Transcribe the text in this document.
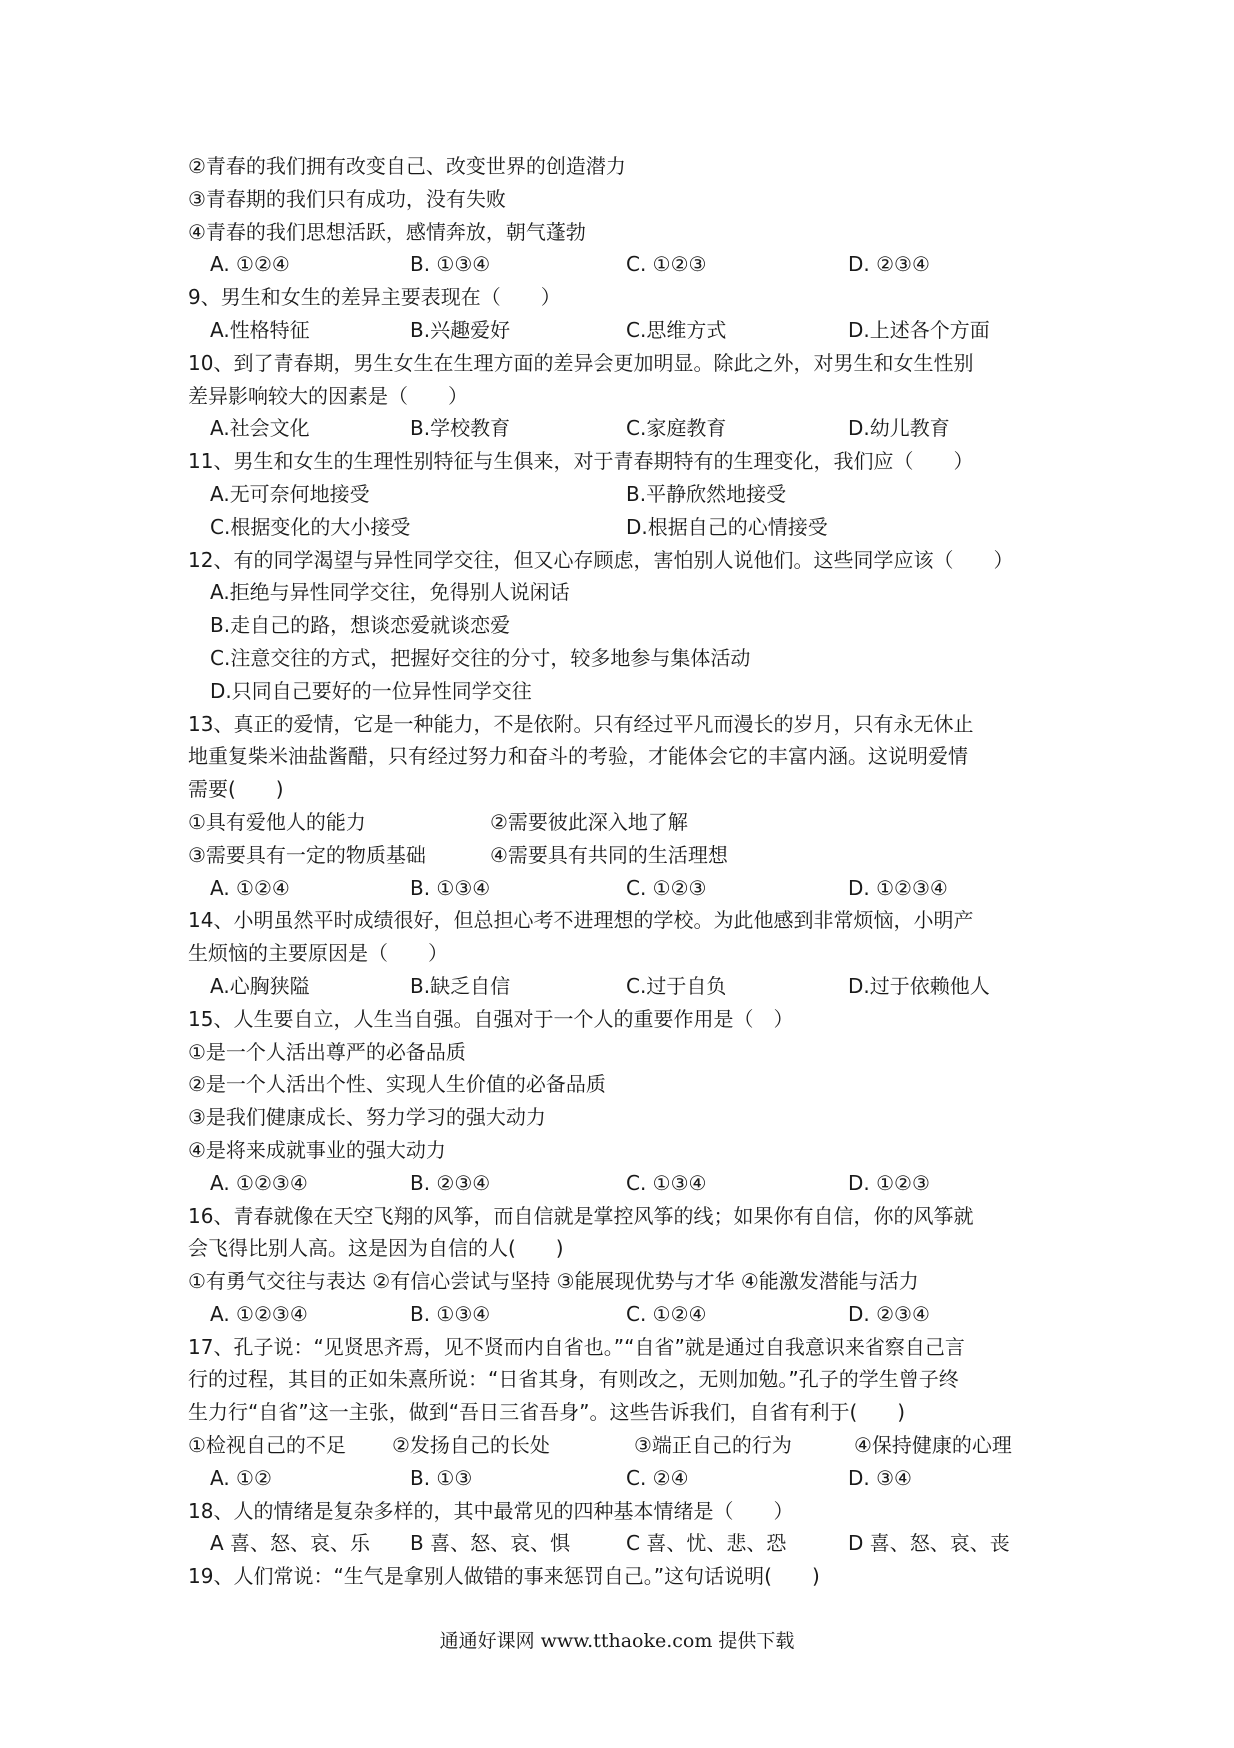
②青春的我们拥有改变自己、改变世界的创造潜力
③青春期的我们只有成功，没有失败
④青春的我们思想活跃，感情奔放，朝气蓬勃
A. ①②④	B. ①③④	C. ①②③	D. ②③④
9、男生和女生的差异主要表现在（　　）
A.性格特征	B.兴趣爱好	C.思维方式	D.上述各个方面
10、到了青春期，男生女生在生理方面的差异会更加明显。除此之外，对男生和女生性别
差异影响较大的因素是（　　）
A.社会文化	B.学校教育	C.家庭教育	D.幼儿教育
11、男生和女生的生理性别特征与生俱来，对于青春期特有的生理变化，我们应（　　）
A.无可奈何地接受	B.平静欣然地接受
C.根据变化的大小接受	D.根据自己的心情接受
12、有的同学渴望与异性同学交往，但又心存顾虑，害怕别人说他们。这些同学应该（　　）
A.拒绝与异性同学交往，免得别人说闲话
B.走自己的路，想谈恋爱就谈恋爱
C.注意交往的方式，把握好交往的分寸，较多地参与集体活动
D.只同自己要好的一位异性同学交往
13、真正的爱情，它是一种能力，不是依附。只有经过平凡而漫长的岁月，只有永无休止
地重复柴米油盐酱醋，只有经过努力和奋斗的考验，才能体会它的丰富内涵。这说明爱情
需要(　　)
①具有爱他人的能力	②需要彼此深入地了解
③需要具有一定的物质基础	④需要具有共同的生活理想
A. ①②④	B. ①③④	C. ①②③	D. ①②③④
14、小明虽然平时成绩很好，但总担心考不进理想的学校。为此他感到非常烦恼，小明产
生烦恼的主要原因是（　　）
A.心胸狭隘	B.缺乏自信	C.过于自负	D.过于依赖他人
15、人生要自立，人生当自强。自强对于一个人的重要作用是（　）
①是一个人活出尊严的必备品质
②是一个人活出个性、实现人生价值的必备品质
③是我们健康成长、努力学习的强大动力
④是将来成就事业的强大动力
A. ①②③④	B. ②③④	C. ①③④	D. ①②③
16、青春就像在天空飞翔的风筝，而自信就是掌控风筝的线；如果你有自信，你的风筝就
会飞得比别人高。这是因为自信的人(　　)
①有勇气交往与表达 ②有信心尝试与坚持 ③能展现优势与才华 ④能激发潜能与活力
A. ①②③④	B. ①③④	C. ①②④	D. ②③④
17、孔子说：“见贤思齐焉，见不贤而内自省也。”“自省”就是通过自我意识来省察自己言
行的过程，其目的正如朱熹所说：“日省其身，有则改之，无则加勉。”孔子的学生曾子终
生力行“自省”这一主张，做到“吾日三省吾身”。这些告诉我们，自省有利于(　　)
①检视自己的不足	②发扬自己的长处	③端正自己的行为	④保持健康的心理
A. ①②	B. ①③	C. ②④	D. ③④
18、人的情绪是复杂多样的，其中最常见的四种基本情绪是（　　）
A 喜、怒、哀、乐	B 喜、怒、哀、惧	C 喜、忧、悲、恐	D 喜、怒、哀、丧
19、人们常说：“生气是拿别人做错的事来惩罚自己。”这句话说明(　　)
通通好课网 www.tthaoke.com 提供下载
